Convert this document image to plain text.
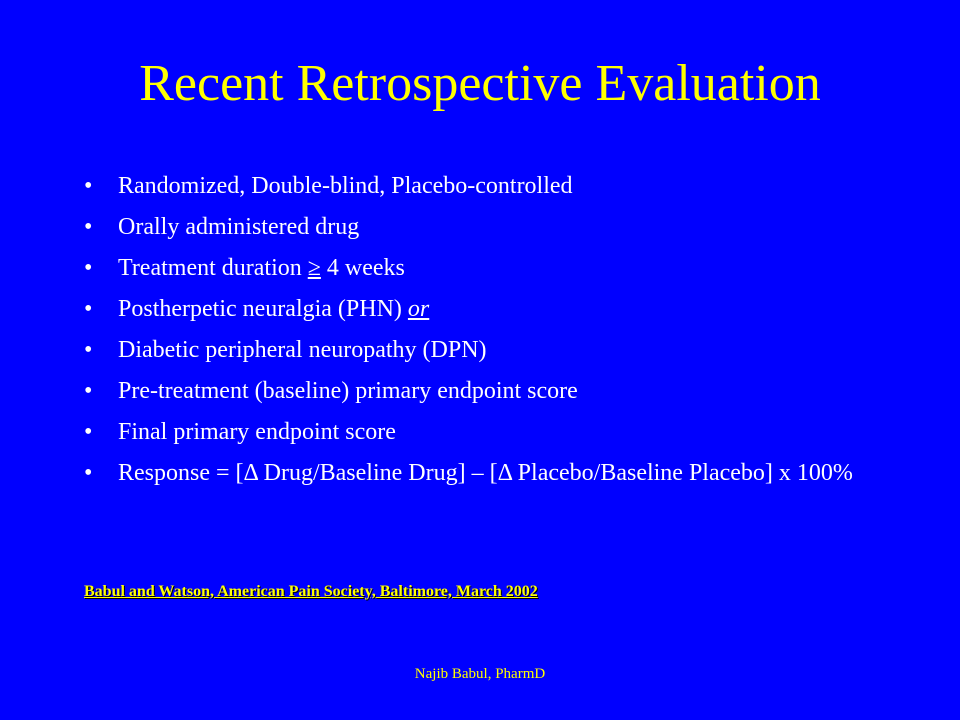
Recent Retrospective Evaluation
•	Randomized, Double-blind, Placebo-controlled
•	Orally administered drug
•	Treatment duration ≥ 4 weeks
•	Postherpetic neuralgia (PHN) or
•	Diabetic peripheral neuropathy (DPN)
•	Pre-treatment (baseline) primary endpoint score
•	Final primary endpoint score
•	Response = [Δ Drug/Baseline Drug] – [Δ Placebo/Baseline Placebo] x 100%
Babul and Watson, American Pain Society, Baltimore, March 2002
Najib Babul, PharmD
